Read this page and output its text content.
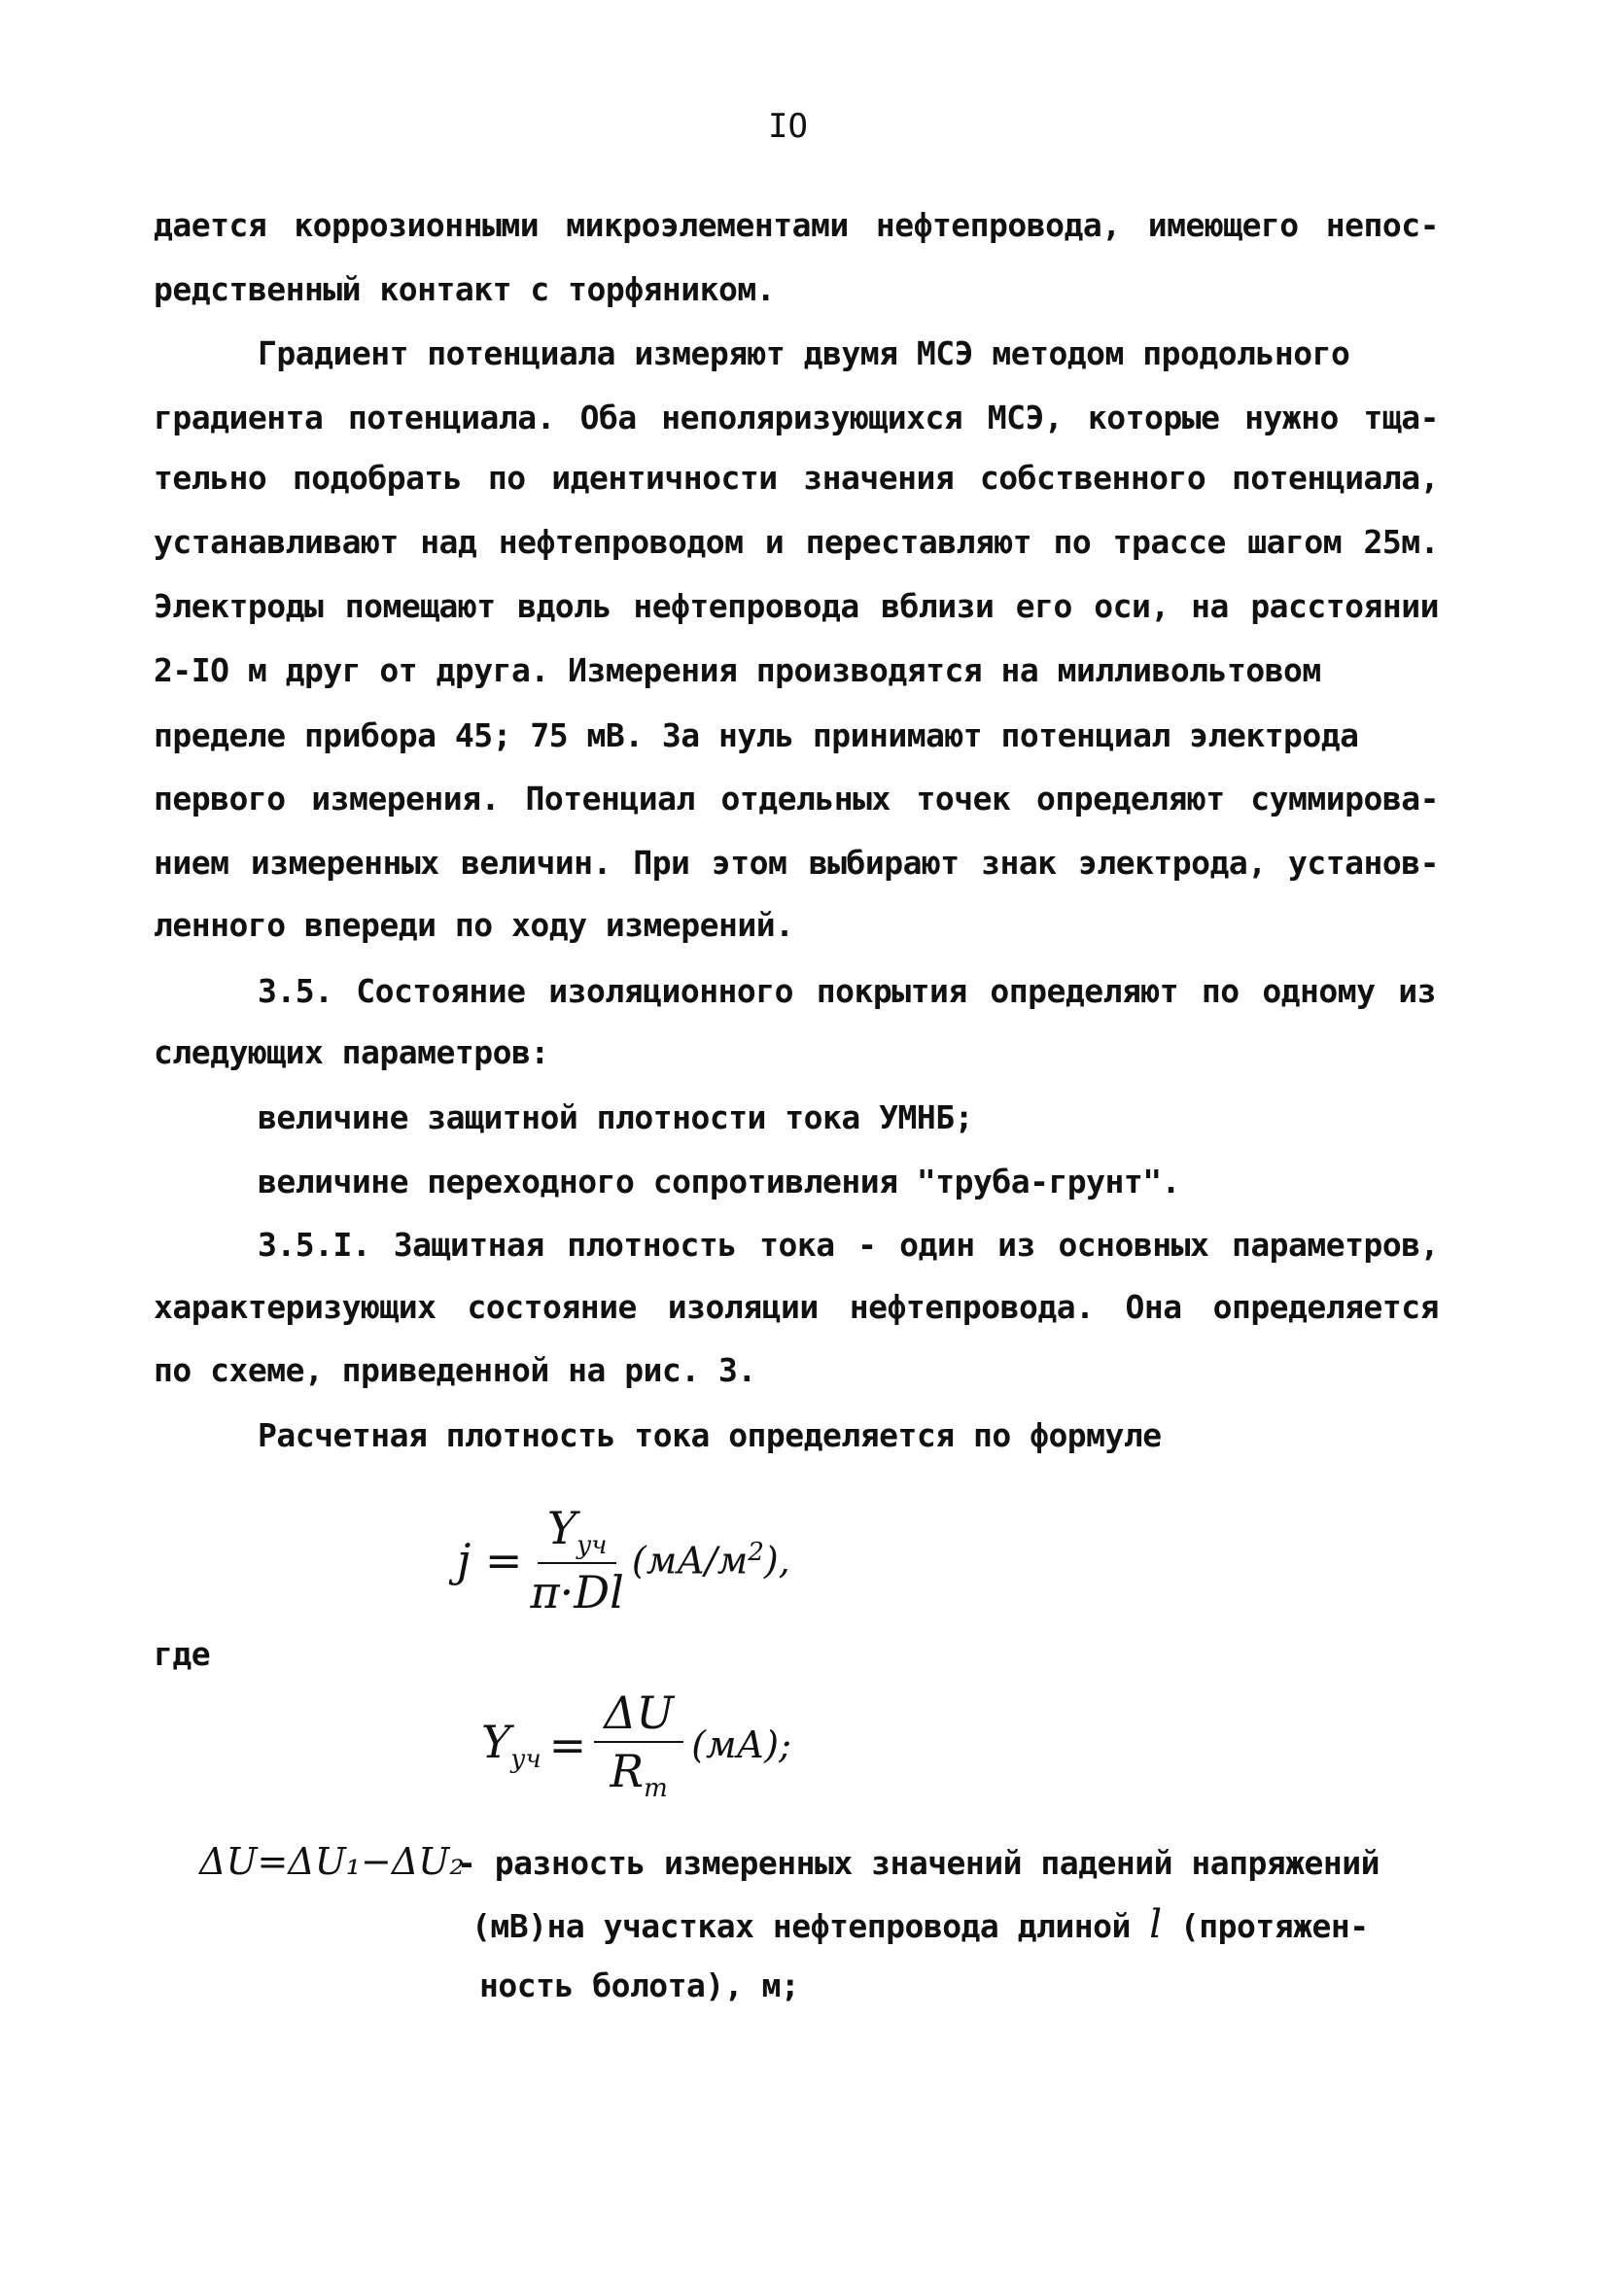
IO
дается коррозионными микроэлементами нефтепровода, имеющего непос-
редственный контакт с торфяником.
Градиент потенциала измеряют двумя МСЭ методом продольного
градиента потенциала. Оба неполяризующихся МСЭ, которые нужно тща-
тельно подобрать по идентичности значения собственного потенциала,
устанавливают над нефтепроводом и переставляют по трассе шагом 25м.
Электроды помещают вдоль нефтепровода вблизи его оси, на расстоянии
2-IO м друг от друга. Измерения производятся на милливольтовом
пределе прибора 45; 75 мВ. За нуль принимают потенциал электрода
первого измерения. Потенциал отдельных точек определяют суммирова-
нием измеренных величин. При этом выбирают знак электрода, установ-
ленного впереди по ходу измерений.
3.5. Состояние изоляционного покрытия определяют по одному из
следующих параметров:
величине защитной плотности тока УМНБ;
величине переходного сопротивления "труба-грунт".
3.5.I. Защитная плотность тока - один из основных параметров,
характеризующих состояние изоляции нефтепровода. Она определяется
по схеме, приведенной на рис. 3.
Расчетная плотность тока определяется по формуле
$j = \frac{Y_{уч}}{\pi\cdot Dl} (мА/м^2)$,
где
$Y_{уч} = \frac{\Delta U}{R_т} (мА)$;
ΔU=ΔU₁−ΔU₂
- разность измеренных значений падений напряжений
(мВ)на участках нефтепровода длиной l (протяжен-
ность болота), м;
